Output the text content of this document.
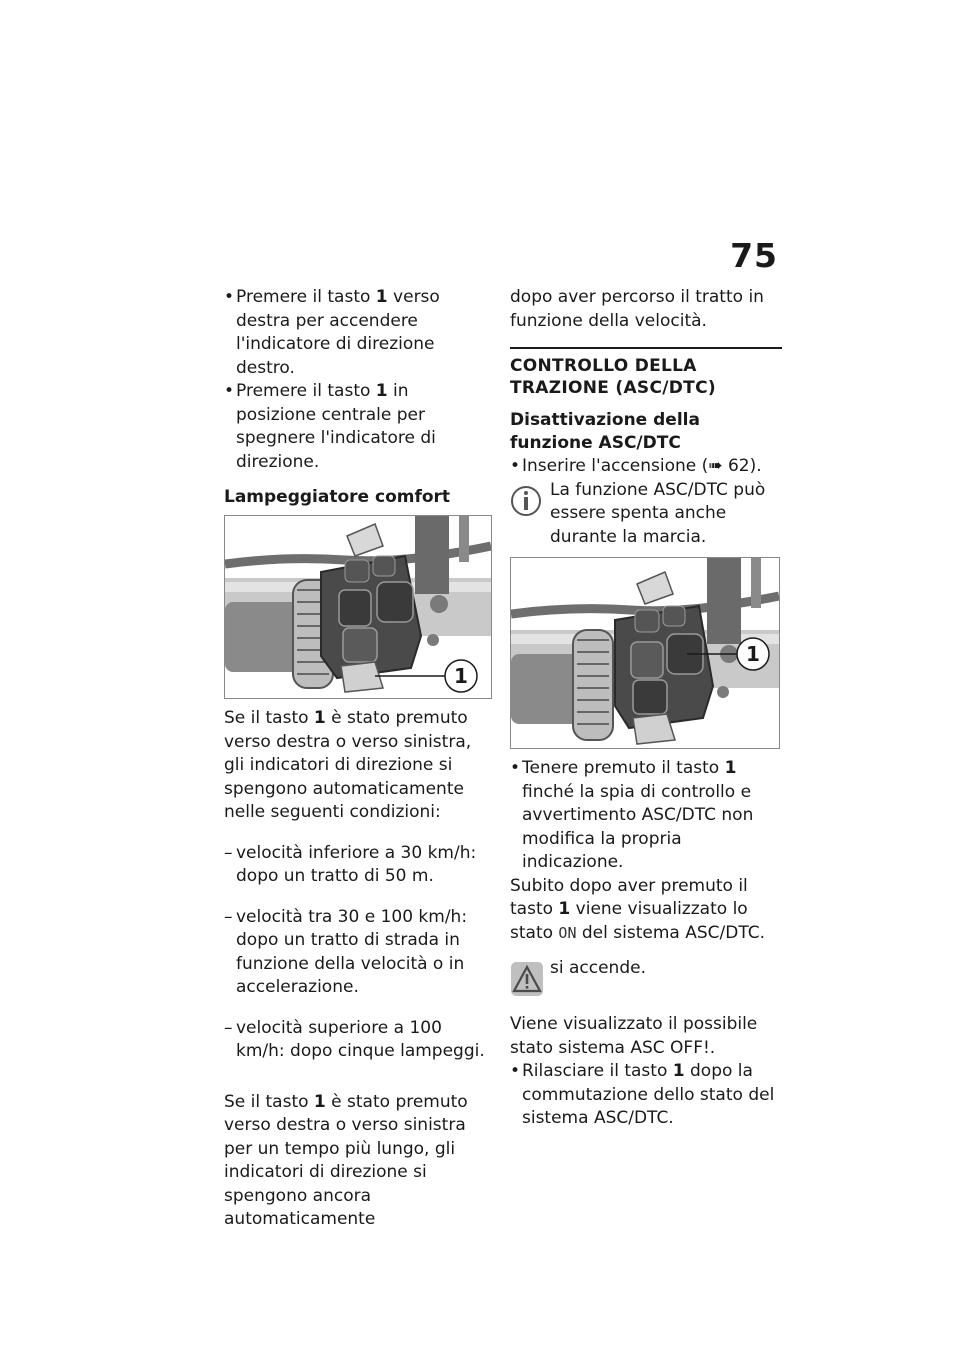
75

• Premere il tasto 1 verso destra per accendere l'indicatore di direzione destro.

• Premere il tasto 1 in posizione centrale per spegnere l'indicatore di direzione.

Lampeggiatore comfort

1

Se il tasto 1 è stato premuto verso destra o verso sinistra, gli indicatori di direzione si spengono automaticamente nelle seguenti condizioni:

– velocità inferiore a 30 km/h: dopo un tratto di 50 m.

– velocità tra 30 e 100 km/h: dopo un tratto di strada in funzione della velocità o in accelerazione.

– velocità superiore a 100 km/h: dopo cinque lampeggi.

Se il tasto 1 è stato premuto verso destra o verso sinistra per un tempo più lungo, gli indicatori di direzione si spengono ancora automaticamente

dopo aver percorso il tratto in funzione della velocità.

CONTROLLO DELLA TRAZIONE (ASC/DTC)

Disattivazione della funzione ASC/DTC

• Inserire l'accensione (➠ 62).

La funzione ASC/DTC può essere spenta anche durante la marcia.

1

• Tenere premuto il tasto 1 finché la spia di controllo e avvertimento ASC/DTC non modifica la propria indicazione.

Subito dopo aver premuto il tasto 1 viene visualizzato lo stato ON del sistema ASC/DTC.

si accende.

Viene visualizzato il possibile stato sistema ASC OFF!.

• Rilasciare il tasto 1 dopo la commutazione dello stato del sistema ASC/DTC.
